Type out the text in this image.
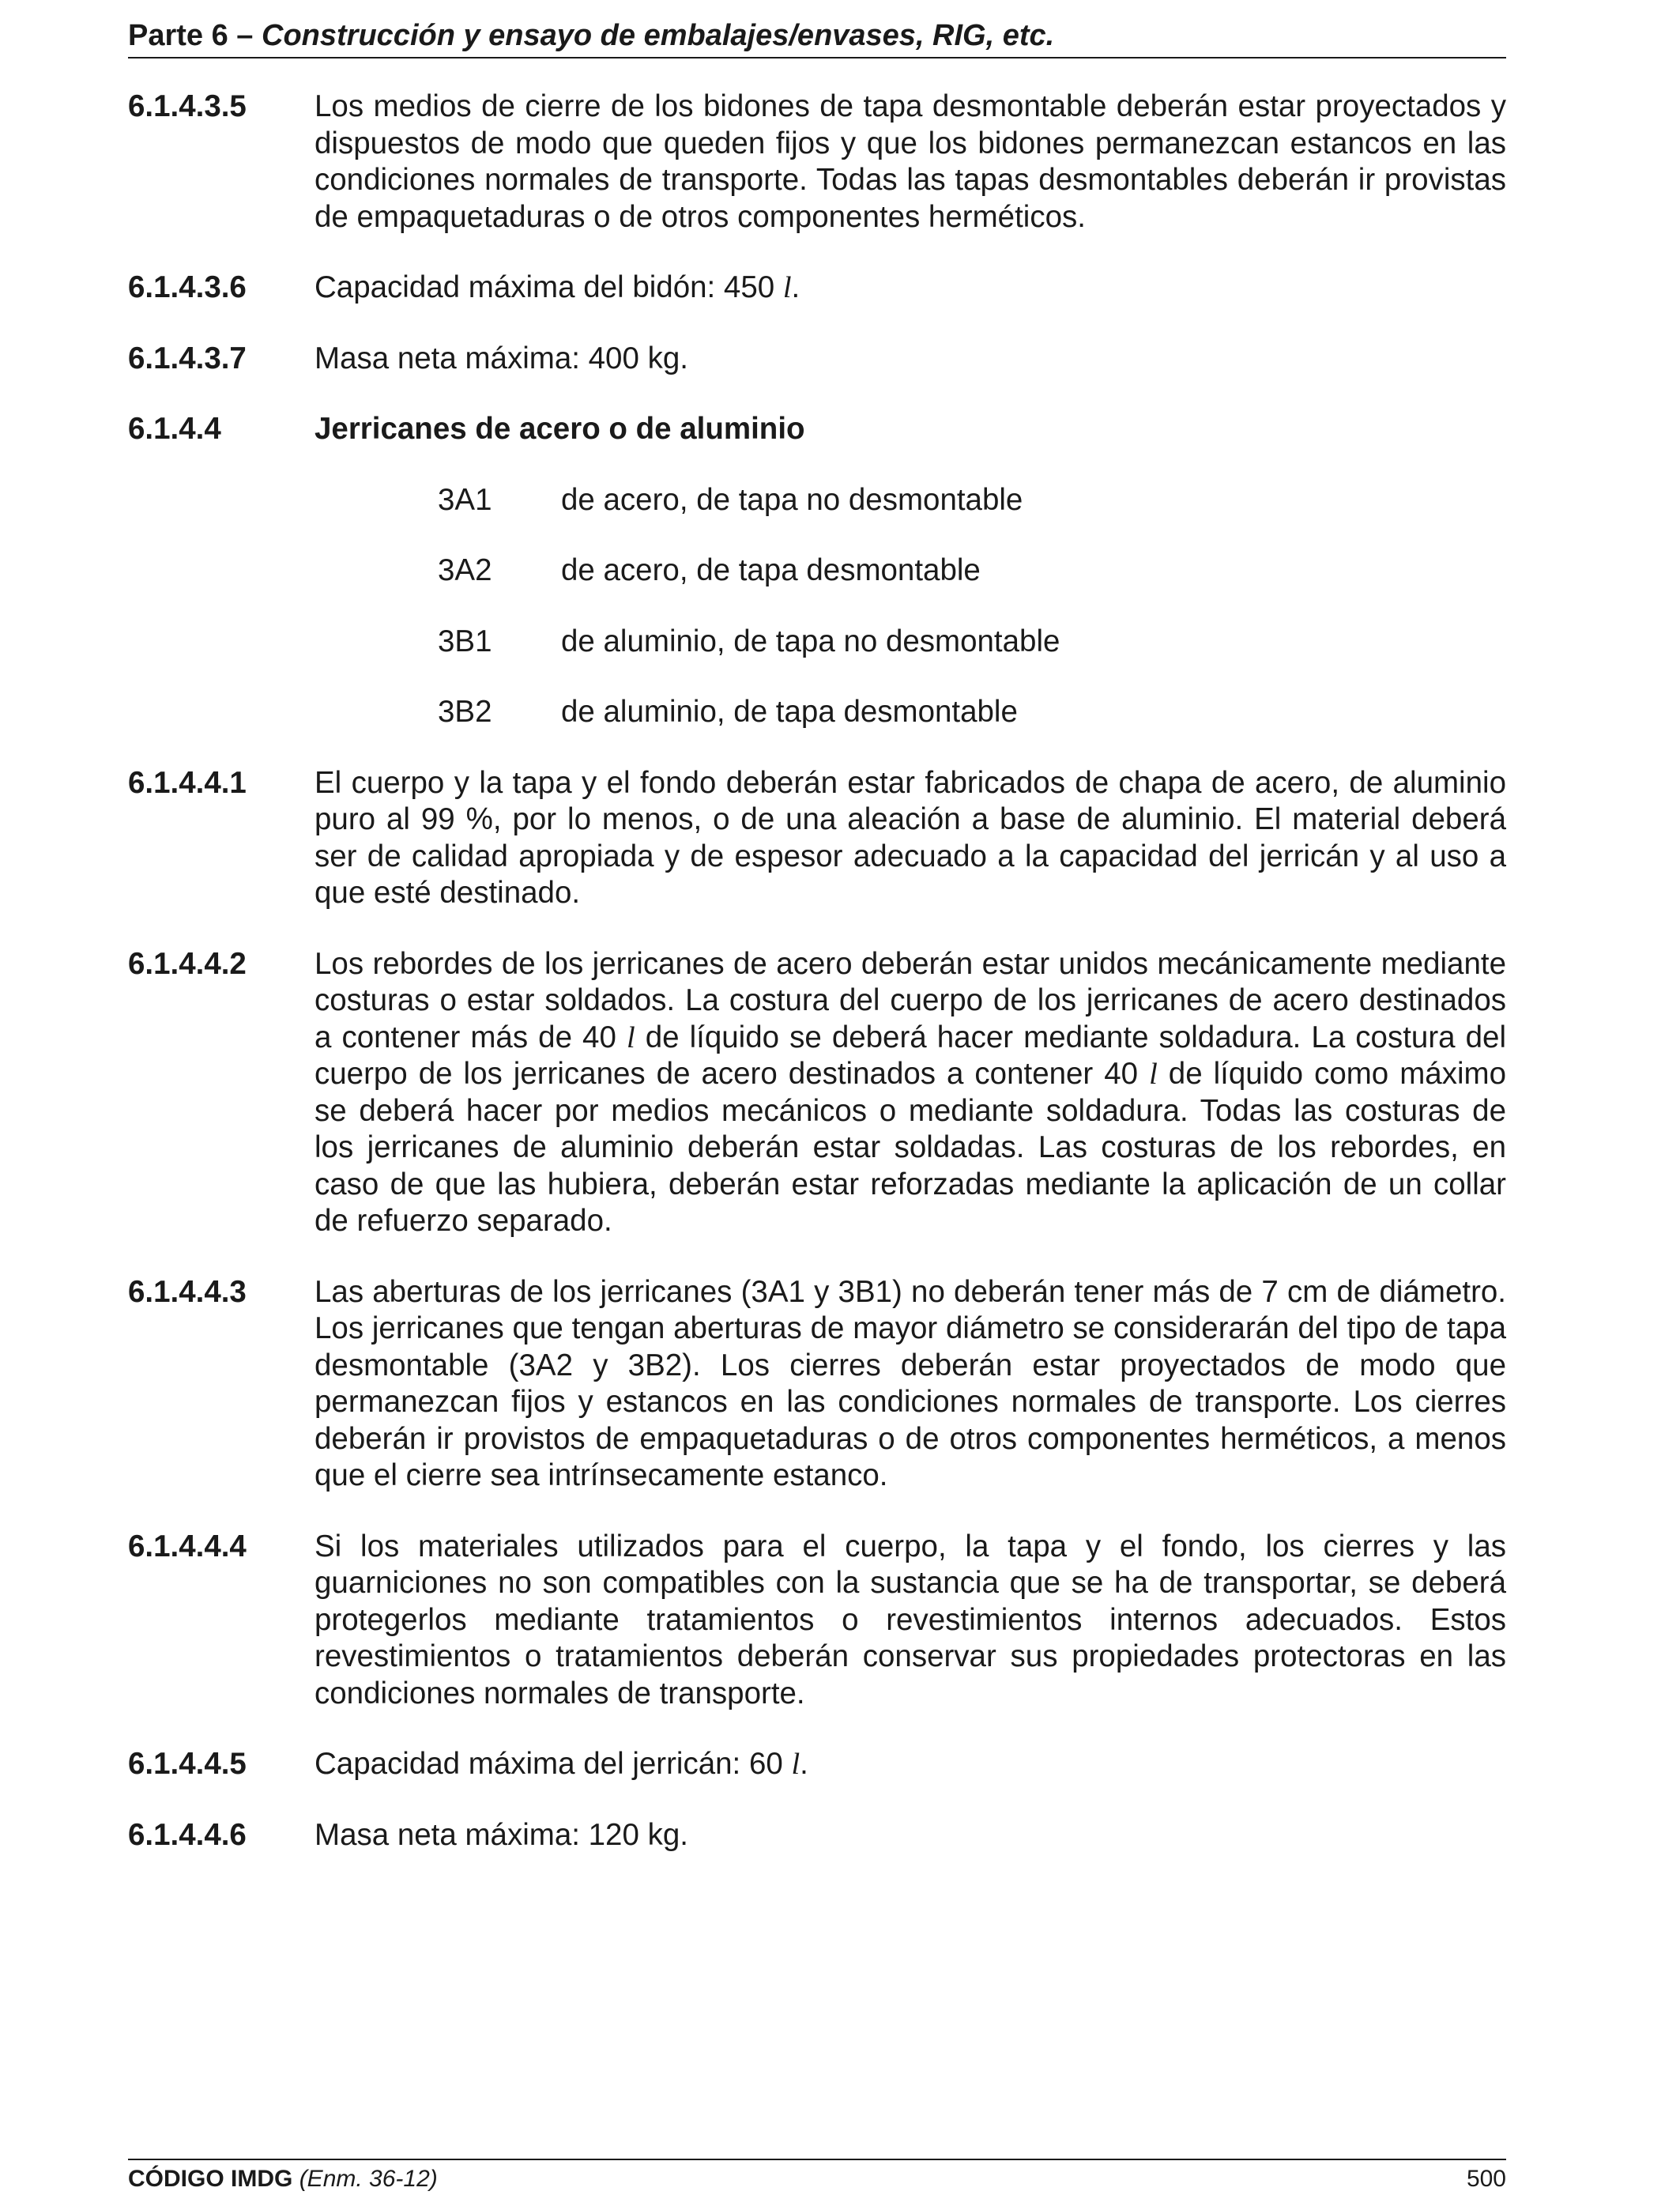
Parte 6 – Construcción y ensayo de embalajes/envases, RIG, etc.
6.1.4.3.5	Los medios de cierre de los bidones de tapa desmontable deberán estar proyectados y dispuestos de modo que queden fijos y que los bidones permanezcan estancos en las condiciones normales de transporte. Todas las tapas desmontables deberán ir provistas de empaquetaduras o de otros componentes herméticos.
6.1.4.3.6	Capacidad máxima del bidón: 450 l.
6.1.4.3.7	Masa neta máxima: 400 kg.
6.1.4.4	Jerricanes de acero o de aluminio
3A1	de acero, de tapa no desmontable
3A2	de acero, de tapa desmontable
3B1	de aluminio, de tapa no desmontable
3B2	de aluminio, de tapa desmontable
6.1.4.4.1	El cuerpo y la tapa y el fondo deberán estar fabricados de chapa de acero, de aluminio puro al 99 %, por lo menos, o de una aleación a base de aluminio. El material deberá ser de calidad apropiada y de espesor adecuado a la capacidad del jerricán y al uso a que esté destinado.
6.1.4.4.2	Los rebordes de los jerricanes de acero deberán estar unidos mecánicamente mediante costuras o estar soldados. La costura del cuerpo de los jerricanes de acero destinados a contener más de 40 l de líquido se deberá hacer mediante soldadura. La costura del cuerpo de los jerricanes de acero destinados a contener 40 l de líquido como máximo se deberá hacer por medios mecánicos o mediante soldadura. Todas las costuras de los jerricanes de aluminio deberán estar soldadas. Las costuras de los rebordes, en caso de que las hubiera, deberán estar reforzadas mediante la aplicación de un collar de refuerzo separado.
6.1.4.4.3	Las aberturas de los jerricanes (3A1 y 3B1) no deberán tener más de 7 cm de diámetro. Los jerricanes que tengan aberturas de mayor diámetro se considerarán del tipo de tapa desmontable (3A2 y 3B2). Los cierres deberán estar proyectados de modo que permanezcan fijos y estancos en las condiciones normales de transporte. Los cierres deberán ir provistos de empaquetaduras o de otros componentes herméticos, a menos que el cierre sea intrínsecamente estanco.
6.1.4.4.4	Si los materiales utilizados para el cuerpo, la tapa y el fondo, los cierres y las guarniciones no son compatibles con la sustancia que se ha de transportar, se deberá protegerlos mediante tratamientos o revestimientos internos adecuados. Estos revestimientos o tratamientos deberán conservar sus propiedades protectoras en las condiciones normales de transporte.
6.1.4.4.5	Capacidad máxima del jerricán: 60 l.
6.1.4.4.6	Masa neta máxima: 120 kg.
CÓDIGO IMDG (Enm. 36-12)	500
